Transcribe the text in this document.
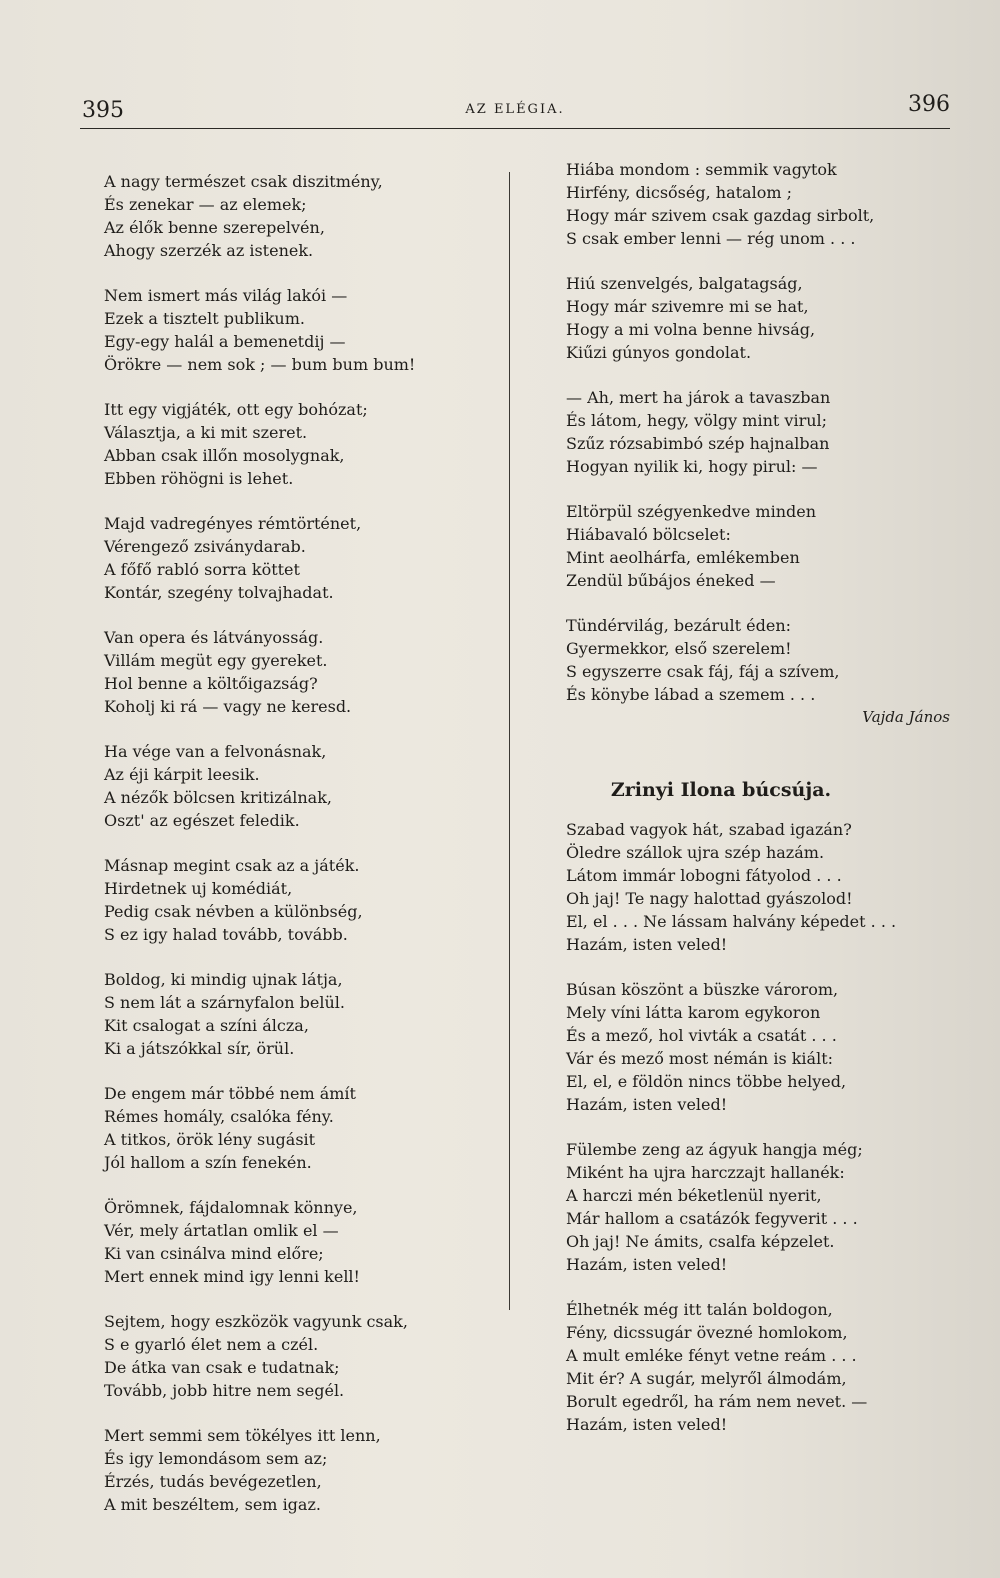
395	AZ ELÉGIA.	396
A nagy természet csak diszitmény,
És zenekar — az elemek;
Az élők benne szerepelvén,
Ahogy szerzék az istenek.
Nem ismert más világ lakói —
Ezek a tisztelt publikum.
Egy-egy halál a bemenetdij —
Örökre — nem sok ; — bum bum bum!
Itt egy vigjáték, ott egy bohózat;
Választja, a ki mit szeret.
Abban csak illőn mosolygnak,
Ebben röhögni is lehet.
Majd vadregényes rémtörténet,
Vérengező zsiványdarab.
A főfő rabló sorra köttet
Kontár, szegény tolvajhadat.
Van opera és látványosság.
Villám megüt egy gyereket.
Hol benne a költőigazság?
Koholj ki rá — vagy ne keresd.
Ha vége van a felvonásnak,
Az éji kárpit leesik.
A nézők bölcsen kritizálnak,
Oszt' az egészet feledik.
Másnap megint csak az a játék.
Hirdetnek uj komédiát,
Pedig csak névben a különbség,
S ez igy halad tovább, tovább.
Boldog, ki mindig ujnak látja,
S nem lát a szárnyfalon belül.
Kit csalogat a színi álcza,
Ki a játszókkal sír, örül.
De engem már többé nem ámít
Rémes homály, csalóka fény.
A titkos, örök lény sugásit
Jól hallom a szín fenekén.
Örömnek, fájdalomnak könnye,
Vér, mely ártatlan omlik el —
Ki van csinálva mind előre;
Mert ennek mind igy lenni kell!
Sejtem, hogy eszközök vagyunk csak,
S e gyarló élet nem a czél.
De átka van csak e tudatnak;
Tovább, jobb hitre nem segél.
Mert semmi sem tökélyes itt lenn,
És igy lemondásom sem az;
Érzés, tudás bevégezetlen,
A mit beszéltem, sem igaz.
Hiába mondom : semmik vagytok
Hirfény, dicsőség, hatalom ;
Hogy már szivem csak gazdag sirbolt,
S csak ember lenni — rég unom . . .
Hiú szenvelgés, balgatagság,
Hogy már szivemre mi se hat,
Hogy a mi volna benne hivság,
Kiűzi gúnyos gondolat.
— Ah, mert ha járok a tavaszban
És látom, hegy, völgy mint virul;
Szűz rózsabimbó szép hajnalban
Hogyan nyilik ki, hogy pirul: —
Eltörpül szégyenkedve minden
Hiábavaló bölcselet:
Mint aeolhárfa, emlékemben
Zendül bűbájos éneked —
Tündérvilág, bezárult éden:
Gyermekkor, első szerelem!
S egyszerre csak fáj, fáj a szívem,
És könybe lábad a szemem . . .
Vajda János
Zrinyi Ilona búcsúja.
Szabad vagyok hát, szabad igazán?
Öledre szállok ujra szép hazám.
Látom immár lobogni fátyolod . . .
Oh jaj! Te nagy halottad gyászolod!
El, el . . . Ne lássam halvány képedet . . .
Hazám, isten veled!
Búsan köszönt a büszke várorom,
Mely víni látta karom egykoron
És a mező, hol vivták a csatát . . .
Vár és mező most némán is kiált:
El, el, e földön nincs többe helyed,
Hazám, isten veled!
Fülembe zeng az ágyuk hangja még;
Miként ha ujra harczzajt hallanék:
A harczi mén béketlenül nyerit,
Már hallom a csatázók fegyverit . . .
Oh jaj! Ne ámits, csalfa képzelet.
Hazám, isten veled!
Élhetnék még itt talán boldogon,
Fény, dicssugár övezné homlokom,
A mult emléke fényt vetne reám . . .
Mit ér? A sugár, melyről álmodám,
Borult egedről, ha rám nem nevet. —
Hazám, isten veled!
